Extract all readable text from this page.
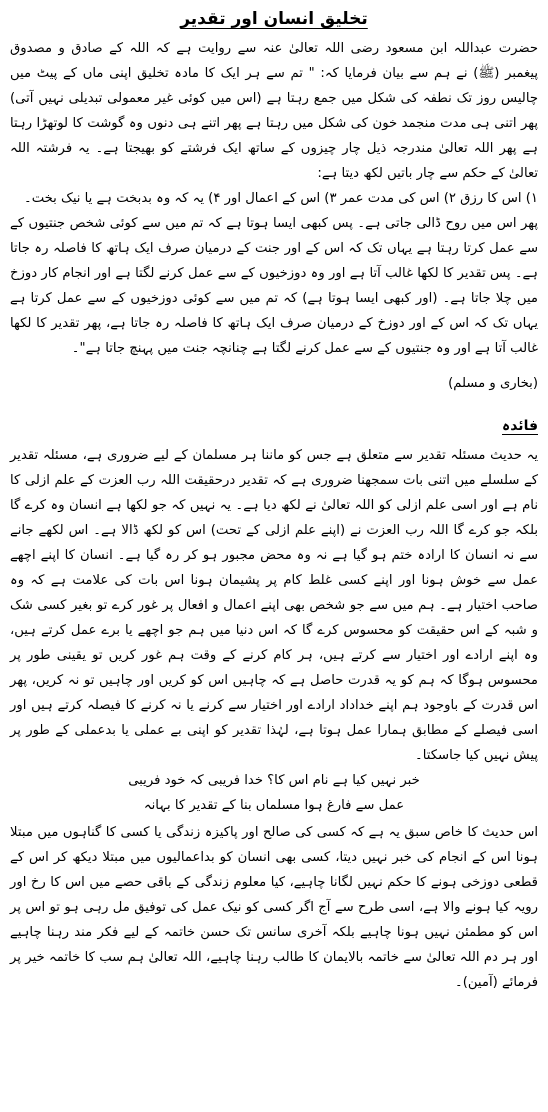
تخلیق انسان اور تقدیر

حضرت عبداللہ ابن مسعود رضی اللہ تعالیٰ عنہ سے روایت ہے کہ اللہ کے صادق و مصدوق پیغمبر (ﷺ) نے ہم سے بیان فرمایا کہ: " تم سے ہر ایک کا مادہ تخلیق اپنی ماں کے پیٹ میں چالیس روز تک نطفہ کی شکل میں جمع رہتا ہے (اس میں کوئی غیر معمولی تبدیلی نہیں آتی) پھر اتنی ہی مدت منجمد خون کی شکل میں رہتا ہے پھر اتنے ہی دنوں وہ گوشت کا لوتھڑا رہتا ہے پھر اللہ تعالیٰ مندرجہ ذیل چار چیزوں کے ساتھ ایک فرشتے کو بھیجتا ہے۔ یہ فرشتہ اللہ تعالیٰ کے حکم سے چار باتیں لکھ دیتا ہے:

۱) اس کا رزق ۲) اس کی مدت عمر ۳) اس کے اعمال اور ۴) یہ کہ وہ بدبخت ہے یا نیک بخت۔

پھر اس میں روح ڈالی جاتی ہے۔ پس کبھی ایسا ہوتا ہے کہ تم میں سے کوئی شخص جنتیوں کے سے عمل کرتا رہتا ہے یہاں تک کہ اس کے اور جنت کے درمیان صرف ایک ہاتھ کا فاصلہ رہ جاتا ہے۔ پس تقدیر کا لکھا غالب آتا ہے اور وہ دوزخیوں کے سے عمل کرنے لگتا ہے اور انجام کار دوزخ میں چلا جاتا ہے۔ (اور کبھی ایسا ہوتا ہے) کہ تم میں سے کوئی دوزخیوں کے سے عمل کرتا ہے یہاں تک کہ اس کے اور دوزخ کے درمیان صرف ایک ہاتھ کا فاصلہ رہ جاتا ہے، پھر تقدیر کا لکھا غالب آتا ہے اور وہ جنتیوں کے سے عمل کرنے لگتا ہے چنانچہ جنت میں پہنچ جاتا ہے"۔

(بخاری و مسلم)

فائدہ

یہ حدیث مسئلہ تقدیر سے متعلق ہے جس کو ماننا ہر مسلمان کے لیے ضروری ہے، مسئلہ تقدیر کے سلسلے میں اتنی بات سمجھنا ضروری ہے کہ تقدیر درحقیقت اللہ رب العزت کے علم ازلی کا نام ہے اور اسی علم ازلی کو اللہ تعالیٰ نے لکھ دیا ہے۔ یہ نہیں کہ جو لکھا ہے انسان وہ کرے گا بلکہ جو کرے گا اللہ رب العزت نے (اپنے علم ازلی کے تحت) اس کو لکھ ڈالا ہے۔ اس لکھے جانے سے نہ انسان کا ارادہ ختم ہو گیا ہے نہ وہ محض مجبور ہو کر رہ گیا ہے۔ انسان کا اپنے اچھے عمل سے خوش ہونا اور اپنے کسی غلط کام پر پشیمان ہونا اس بات کی علامت ہے کہ وہ صاحب اختیار ہے۔ ہم میں سے جو شخص بھی اپنے اعمال و افعال پر غور کرے تو بغیر کسی شک و شبہ کے اس حقیقت کو محسوس کرے گا کہ اس دنیا میں ہم جو اچھے یا برے عمل کرتے ہیں، وہ اپنے ارادے اور اختیار سے کرتے ہیں، ہر کام کرنے کے وقت ہم غور کریں تو یقینی طور پر محسوس ہوگا کہ ہم کو یہ قدرت حاصل ہے کہ چاہیں اس کو کریں اور چاہیں تو نہ کریں، پھر اس قدرت کے باوجود ہم اپنے خداداد ارادے اور اختیار سے کرنے یا نہ کرنے کا فیصلہ کرتے ہیں اور اسی فیصلے کے مطابق ہمارا عمل ہوتا ہے، لہٰذا تقدیر کو اپنی بے عملی یا بدعملی کے طور پر پیش نہیں کیا جاسکتا۔

خبر نہیں کیا ہے نام اس کا؟ خدا فریبی کہ خود فریبی

عمل سے فارغ ہوا مسلماں بنا کے تقدیر کا بہانہ

اس حدیث کا خاص سبق یہ ہے کہ کسی کی صالح اور پاکیزہ زندگی یا کسی کا گناہوں میں مبتلا ہونا اس کے انجام کی خبر نہیں دیتا، کسی بھی انسان کو بداعمالیوں میں مبتلا دیکھ کر اس کے قطعی دوزخی ہونے کا حکم نہیں لگانا چاہیے، کیا معلوم زندگی کے باقی حصے میں اس کا رخ اور رویہ کیا ہونے والا ہے، اسی طرح سے آج اگر کسی کو نیک عمل کی توفیق مل رہی ہو تو اس پر اس کو مطمئن نہیں ہونا چاہیے بلکہ آخری سانس تک حسن خاتمہ کے لیے فکر مند رہنا چاہیے اور ہر دم اللہ تعالیٰ سے خاتمہ بالایمان کا طالب رہنا چاہیے، اللہ تعالیٰ ہم سب کا خاتمہ خیر پر فرمائے (آمین)۔
